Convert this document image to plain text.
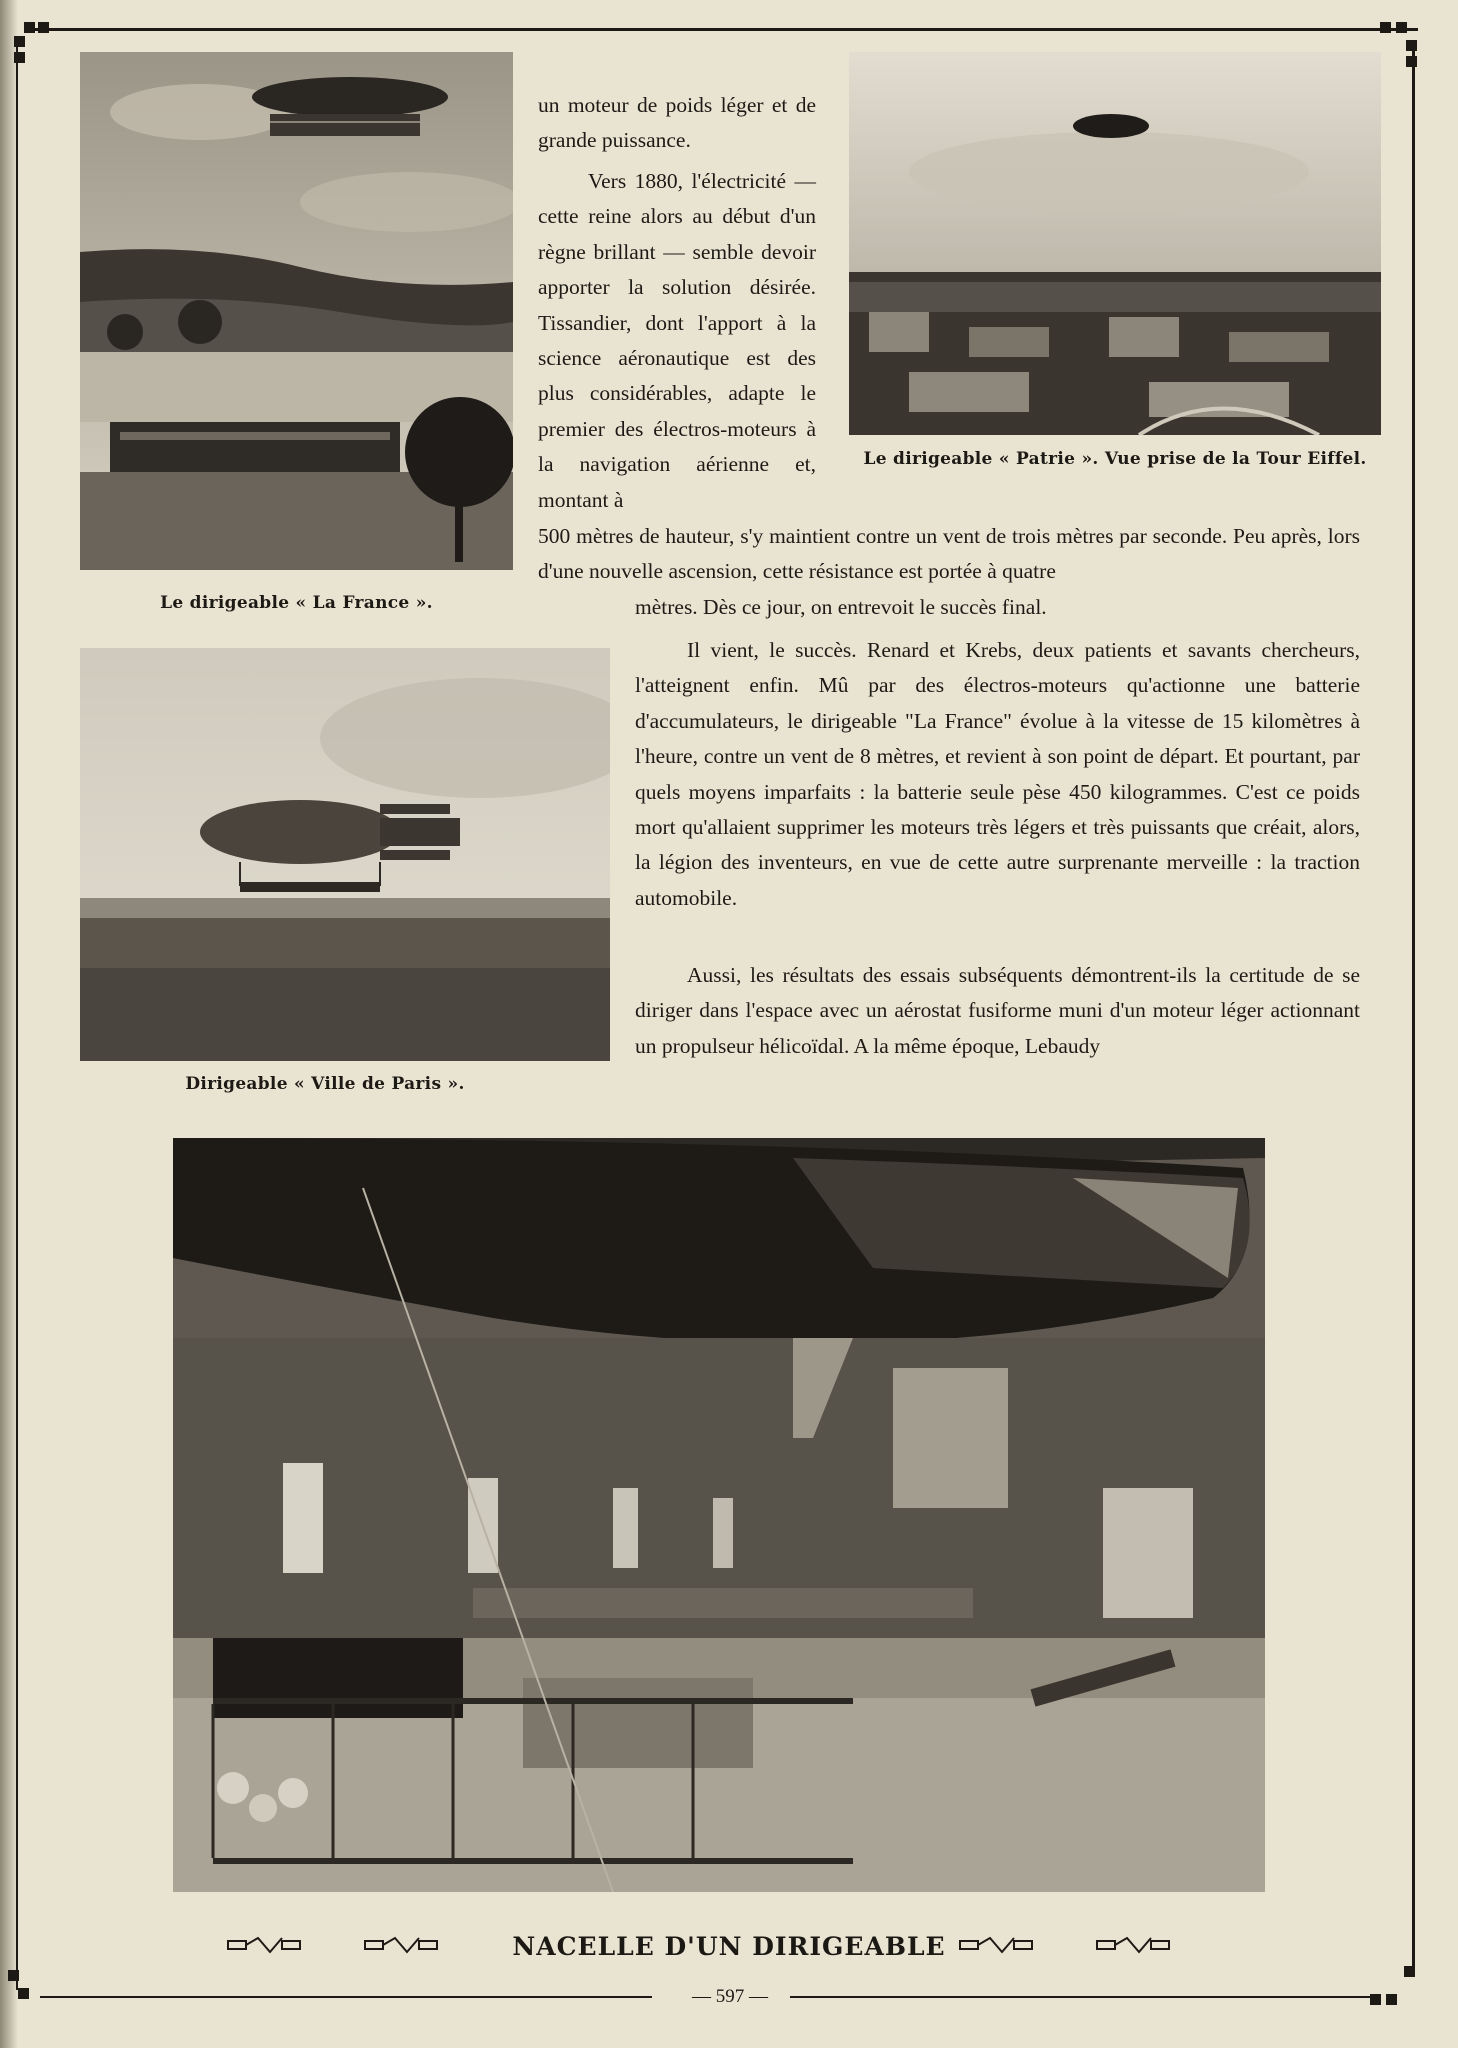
Le dirigeable « La France ».
Le dirigeable « Patrie ». Vue prise de la Tour Eiffel.
Dirigeable « Ville de Paris ».

un moteur de poids léger et de grande puissance.

Vers 1880, l'électricité — cette reine alors au début d'un règne brillant — semble devoir apporter la solution désirée. Tissandier, dont l'apport à la science aéronautique est des plus considérables, adapte le premier des électros-moteurs à la navigation aérienne et, montant à

500 mètres de hauteur, s'y maintient contre un vent de trois mètres par seconde. Peu après, lors d'une nouvelle ascension, cette résistance est portée à quatre

mètres. Dès ce jour, on entrevoit le succès final.

Il vient, le succès. Renard et Krebs, deux patients et savants chercheurs, l'atteignent enfin. Mû par des électros-moteurs qu'actionne une batterie d'accumulateurs, le dirigeable "La France" évolue à la vitesse de 15 kilomètres à l'heure, contre un vent de 8 mètres, et revient à son point de départ. Et pourtant, par quels moyens imparfaits : la batterie seule pèse 450 kilogrammes. C'est ce poids mort qu'allaient supprimer les moteurs très légers et très puissants que créait, alors, la légion des inventeurs, en vue de cette autre surprenante merveille : la traction automobile.

Aussi, les résultats des essais subséquents démontrent-ils la certitude de se diriger dans l'espace avec un aérostat fusiforme muni d'un moteur léger actionnant un propulseur hélicoïdal. A la même époque, Lebaudy

NACELLE D'UN DIRIGEABLE
— 597 —
